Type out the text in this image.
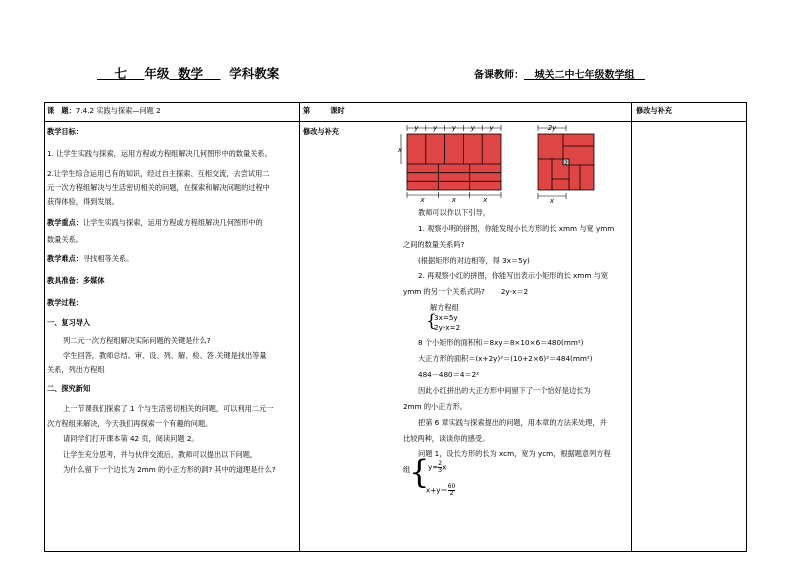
七 年级 数学 学科教案	备课教师： 城关二中七年级数学组

课　题：7.4.2 实践与探索—问题 2	第	课时	修改与补充
教学目标：
1. 让学生实践与探索，运用方程或方程组解决几何图形中的数量关系。
2.让学生综合运用已有的知识，经过自主探索、互相交流，去尝试用二
元一次方程组解决与生活密切相关的问题，在探索和解决问题的过程中
获得体验，得到发展。
教学重点：让学生实践与探索，运用方程或方程组解决几何图形中的
数量关系。
教学难点：寻找相等关系。
教具准备：多媒体
教学过程：
一、复习导入
列二元一次方程组解决实际问题的关键是什么?
学生回答，教师总结。审、设、列、解、检、答.关键是找出等量
关系，列出方程组
二、探究新知
上一节课我们探索了 1 个与生活密切相关的问题，可以利用二元一
次方程组来解决，今天我们再探索一个有趣的问题。
请同学们打开课本第 42 页，阅读问题 2。
让学生充分思考，并与伙伴交流后，教师可以提出以下问题，
为什么留下一个边长为 2mm 的小正方形的洞? 其中的道理是什么?
修改与补充	y y y y y
x	x	x
x
2y
2
x
教师可以作以下引导，
1. 观察小明的拼图，你能发现小长方形的长 xmm 与宽 ymm
之间的数量关系吗?
(根据矩形的对边相等，得 3x＝5y)
2. 再观察小红的拼图，你能写出表示小矩形的长 xmm 与宽
ymm 的另一个关系式吗? 2y-x＝2
解方程组
{
3x=5y
2y-x=2
8 个小矩形的面积和＝8xy＝8×10×6＝480(mm²)
大正方形的面积＝(x+2y)²＝(10+2×6)²＝484(mm²)
484－480＝4＝2²
因此小红拼出的大正方形中间留下了一个恰好是边长为
2mm 的小正方形。
把第 6 章实践与探索提出的问题，用本章的方法来处理，并
比较两种，谈谈你的感受。
问题 1，设长方形的长为 xcm，宽为 ycm，根据题意列方程
组
{
$y= \frac{2}{3}$ x
$x+y= \frac{60}{2}$
